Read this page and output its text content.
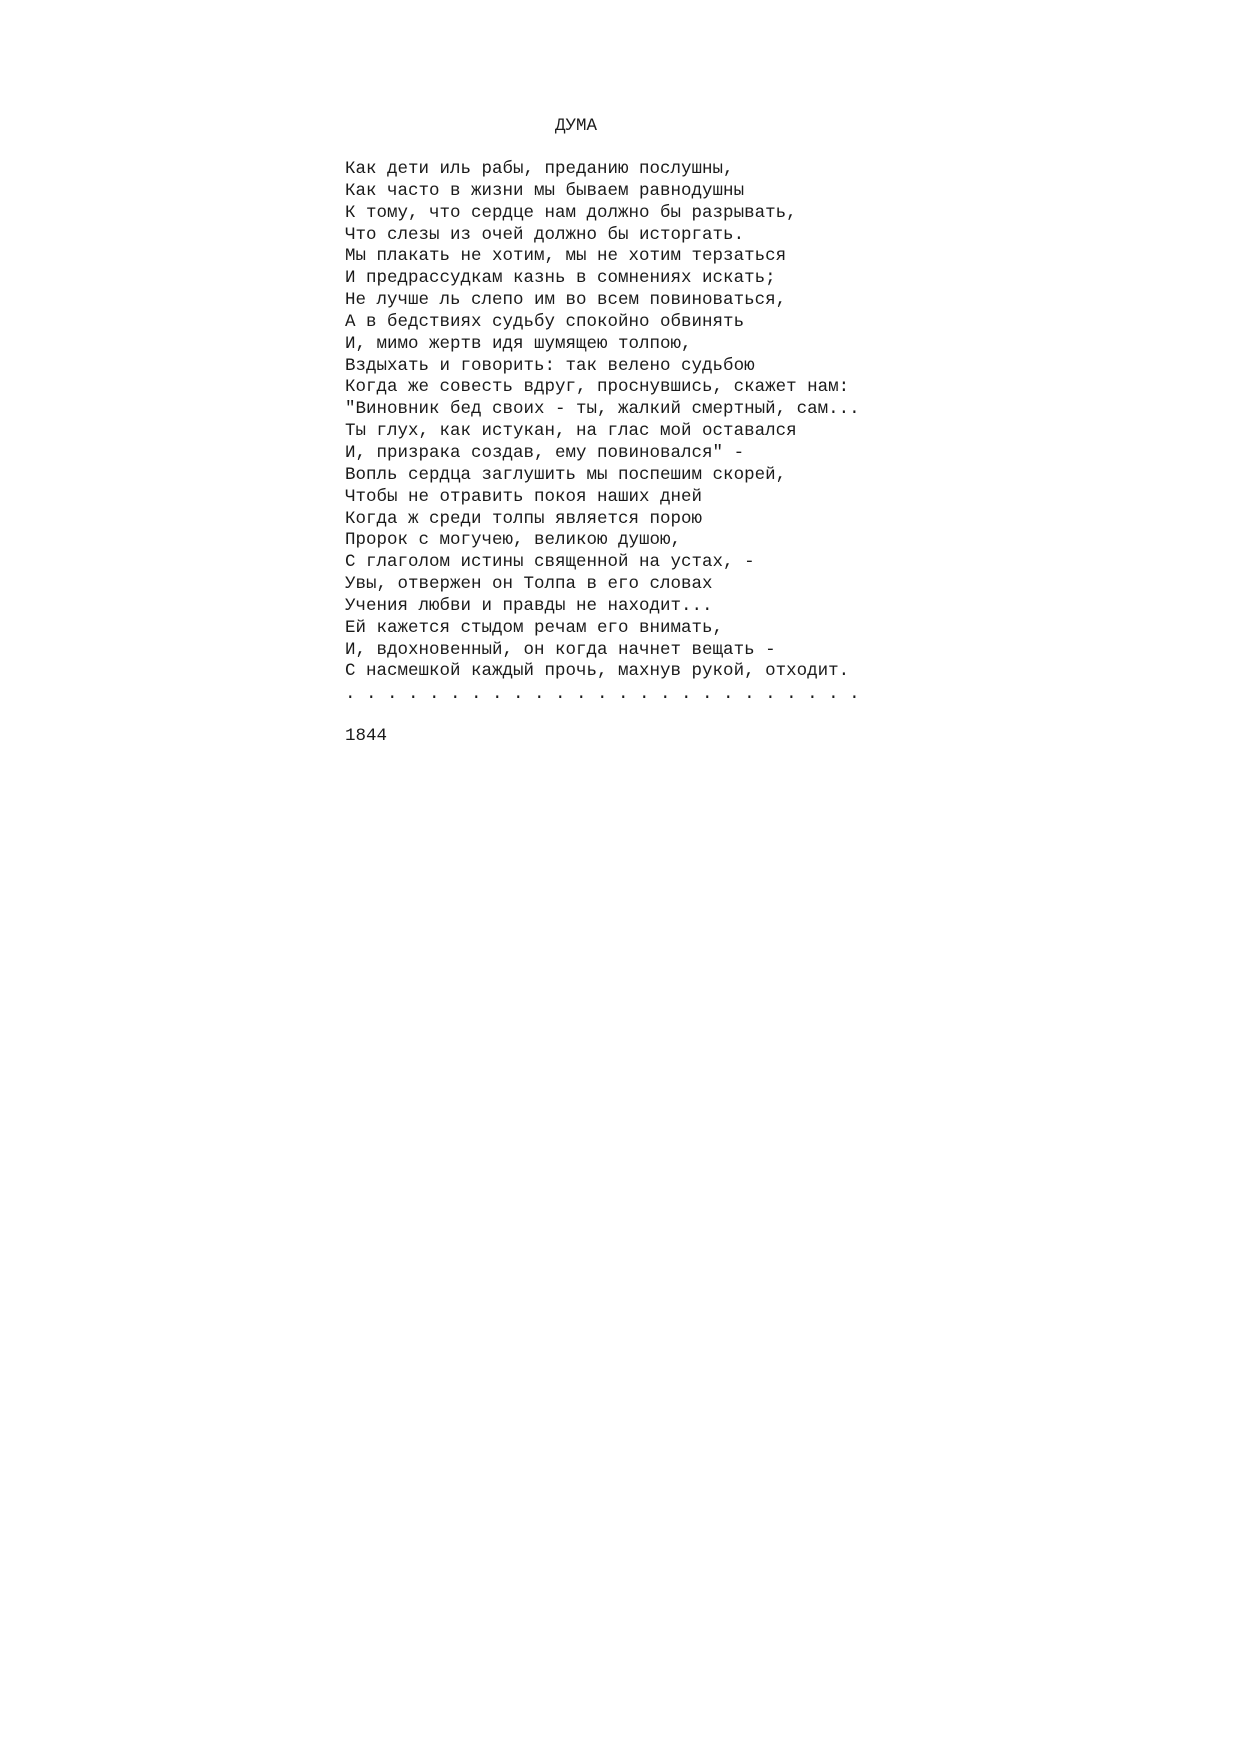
ДУМА
Как дети иль рабы, преданию послушны,
Как часто в жизни мы бываем равнодушны
К тому, что сердце нам должно бы разрывать,
Что слезы из очей должно бы исторгать.
Мы плакать не хотим, мы не хотим терзаться
И предрассудкам казнь в сомнениях искать;
Не лучше ль слепо им во всем повиноваться,
А в бедствиях судьбу спокойно обвинять
И, мимо жертв идя шумящею толпою,
Вздыхать и говорить: так велено судьбою
Когда же совесть вдруг, проснувшись, скажет нам:
"Виновник бед своих - ты, жалкий смертный, сам...
Ты глух, как истукан, на глас мой оставался
И, призрака создав, ему повиновался" -
Вопль сердца заглушить мы поспешим скорей,
Чтобы не отравить покоя наших дней
Когда ж среди толпы является порою
Пророк с могучею, великою душою,
С глаголом истины священной на устах, -
Увы, отвержен он Толпа в его словах
Учения любви и правды не находит...
Ей кажется стыдом речам его внимать,
И, вдохновенный, он когда начнет вещать -
С насмешкой каждый прочь, махнув рукой, отходит.
. . . . . . . . . . . . . . . . . . . . . . . . .
1844
